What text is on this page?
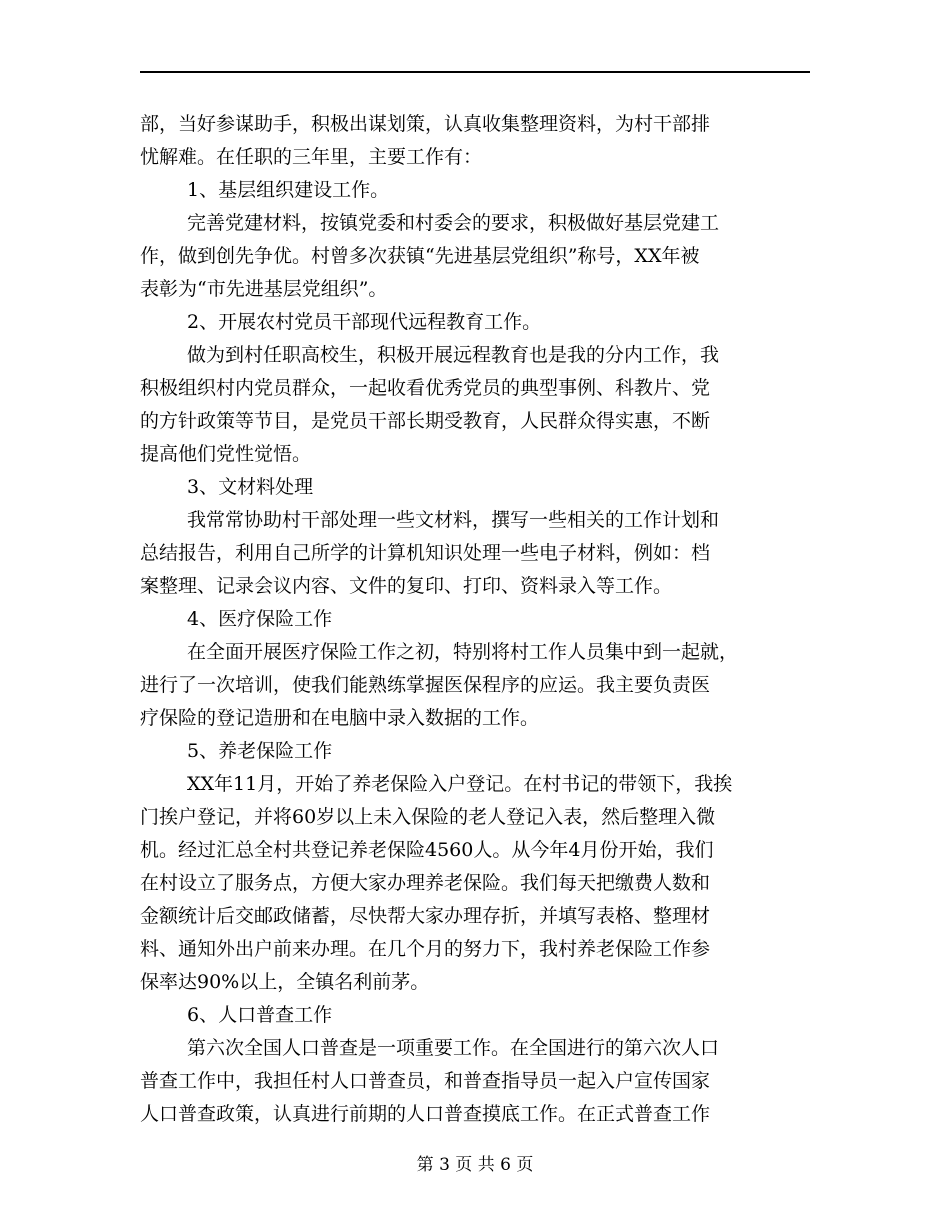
部，当好参谋助手，积极出谋划策，认真收集整理资料，为村干部排
忧解难。在任职的三年里，主要工作有：
1、基层组织建设工作。
完善党建材料，按镇党委和村委会的要求，积极做好基层党建工
作，做到创先争优。村曾多次获镇“先进基层党组织”称号，XX年被
表彰为“市先进基层党组织”。
2、开展农村党员干部现代远程教育工作。
做为到村任职高校生，积极开展远程教育也是我的分内工作，我
积极组织村内党员群众，一起收看优秀党员的典型事例、科教片、党
的方针政策等节目，是党员干部长期受教育，人民群众得实惠，不断
提高他们党性觉悟。
3、文材料处理
我常常协助村干部处理一些文材料，撰写一些相关的工作计划和
总结报告，利用自己所学的计算机知识处理一些电子材料，例如：档
案整理、记录会议内容、文件的复印、打印、资料录入等工作。
4、医疗保险工作
在全面开展医疗保险工作之初，特别将村工作人员集中到一起就，
进行了一次培训，使我们能熟练掌握医保程序的应运。我主要负责医
疗保险的登记造册和在电脑中录入数据的工作。
5、养老保险工作
XX年11月，开始了养老保险入户登记。在村书记的带领下，我挨
门挨户登记，并将60岁以上未入保险的老人登记入表，然后整理入微
机。经过汇总全村共登记养老保险4560人。从今年4月份开始，我们
在村设立了服务点，方便大家办理养老保险。我们每天把缴费人数和
金额统计后交邮政储蓄，尽快帮大家办理存折，并填写表格、整理材
料、通知外出户前来办理。在几个月的努力下，我村养老保险工作参
保率达90%以上，全镇名利前茅。
6、人口普查工作
第六次全国人口普查是一项重要工作。在全国进行的第六次人口
普查工作中，我担任村人口普查员，和普查指导员一起入户宣传国家
人口普查政策，认真进行前期的人口普查摸底工作。在正式普查工作
第 3 页 共 6 页
